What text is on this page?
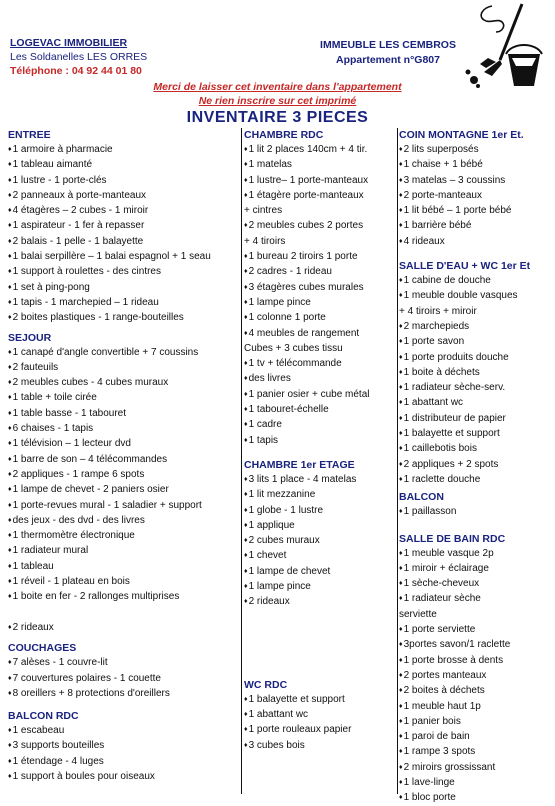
LOGEVAC IMMOBILIER
Les Soldanelles LES ORRES
Téléphone : 04 92 44 01 80
IMMEUBLE LES CEMBROS
Appartement n°G807
Merci de laisser cet inventaire dans l'appartement
Ne rien inscrire sur cet imprimé
INVENTAIRE 3 PIECES
ENTREE
♦ 1 armoire à pharmacie
♦ 1 tableau aimanté
♦ 1 lustre - 1 porte-clés
♦ 2 panneaux à porte-manteaux
♦ 4 étagères – 2 cubes - 1 miroir
♦ 1 aspirateur - 1 fer à repasser
♦ 2 balais - 1 pelle - 1 balayette
♦ 1 balai serpillère – 1 balai espagnol + 1 seau
♦ 1 support à roulettes - des cintres
♦ 1 set à ping-pong
♦ 1 tapis - 1 marchepied – 1 rideau
♦ 2 boites plastiques - 1 range-bouteilles
SEJOUR
♦ 1 canapé d'angle convertible + 7 coussins
♦ 2 fauteuils
♦ 2 meubles cubes - 4 cubes muraux
♦ 1 table + toile cirée
♦ 1 table basse - 1 tabouret
♦ 6 chaises - 1 tapis
♦ 1 télévision – 1 lecteur dvd
♦ 1 barre de son – 4 télécommandes
♦ 2 appliques - 1 rampe 6 spots
♦ 1 lampe de chevet - 2 paniers osier
♦ 1 porte-revues mural - 1 saladier + support
♦ des jeux - des dvd - des livres
♦ 1 thermomètre électronique
♦ 1 radiateur mural
♦ 1 tableau
♦ 1 réveil - 1 plateau en bois
♦ 1 boite en fer - 2 rallonges multiprises
♦ 2 rideaux
COUCHAGES
♦ 7 alèses - 1 couvre-lit
♦ 7 couvertures polaires - 1 couette
♦ 8 oreillers + 8 protections d'oreillers
BALCON RDC
♦ 1 escabeau
♦ 3 supports bouteilles
♦ 1 étendage - 4 luges
♦ 1 support à boules pour oiseaux
CHAMBRE RDC
♦ 1 lit 2 places 140cm + 4 tir.
♦ 1 matelas
♦ 1 lustre– 1 porte-manteaux
♦ 1 étagère porte-manteaux
+ cintres
♦ 2 meubles cubes 2 portes
+ 4 tiroirs
♦ 1 bureau 2 tiroirs 1 porte
♦ 2 cadres - 1 rideau
♦ 3 étagères cubes murales
♦ 1 lampe pince
♦ 1 colonne 1 porte
♦ 4 meubles de rangement
Cubes + 3 cubes tissu
♦ 1 tv + télécommande
♦ des livres
♦ 1 panier osier + cube métal
♦ 1 tabouret-échelle
♦ 1 cadre
♦ 1 tapis
CHAMBRE 1er ETAGE
♦ 3 lits 1 place - 4 matelas
♦ 1 lit mezzanine
♦ 1 globe - 1 lustre
♦ 1 applique
♦ 2 cubes muraux
♦ 1 chevet
♦ 1 lampe de chevet
♦ 1 lampe pince
♦ 2 rideaux
WC RDC
♦ 1 balayette et support
♦ 1 abattant wc
♦ 1 porte rouleaux papier
♦ 3 cubes bois
COIN MONTAGNE 1er Et.
♦ 2 lits superposés
♦ 1 chaise + 1 bébé
♦ 3 matelas – 3 coussins
♦ 2 porte-manteaux
♦ 1 lit bébé – 1 porte bébé
♦ 1 barrière bébé
♦ 4 rideaux
SALLE D'EAU + WC 1er Et
♦ 1 cabine de douche
♦ 1 meuble double vasques
+ 4 tiroirs + miroir
♦ 2 marchepieds
♦ 1 porte savon
♦ 1 porte produits douche
♦ 1 boite à déchets
♦ 1 radiateur sèche-serv.
♦ 1 abattant wc
♦ 1 distributeur de papier
♦ 1 balayette et support
♦ 1 caillebotis bois
♦ 2 appliques + 2 spots
♦ 1 raclette douche
BALCON
♦ 1 paillasson
SALLE DE BAIN RDC
♦ 1 meuble vasque 2p
♦ 1 miroir + éclairage
♦ 1 sèche-cheveux
♦ 1 radiateur sèche
serviette
♦ 1 porte serviette
♦ 3portes savon/1 raclette
♦ 1 porte brosse à dents
♦ 2 portes manteaux
♦ 2 boites à déchets
♦ 1 meuble haut 1p
♦ 1 panier bois
♦ 1 paroi de bain
♦ 1 rampe 3 spots
♦ 2 miroirs grossissant
♦ 1 lave-linge
♦ 1 bloc porte
